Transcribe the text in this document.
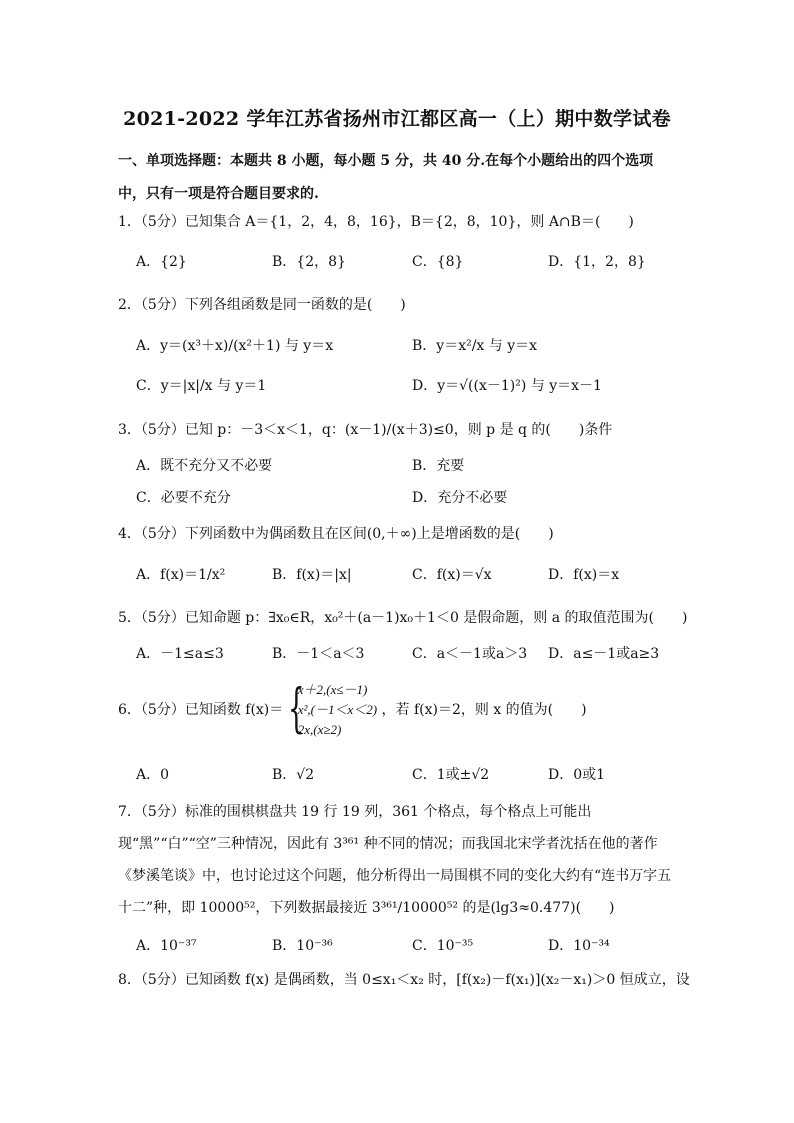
2021-2022 学年江苏省扬州市江都区高一（上）期中数学试卷
一、单项选择题：本题共 8 小题，每小题 5 分，共 40 分.在每个小题给出的四个选项中，只有一项是符合题目要求的.
1．（5分）已知集合 A＝{1，2，4，8，16}，B＝{2，8，10}，则 A∩B＝(　　)
A．{2}	B．{2，8}	C．{8}	D．{1，2，8}
2．（5分）下列各组函数是同一函数的是(　　)
A．y＝(x³＋x)/(x²＋1) 与 y＝x	B．y＝x²/x 与 y＝x
C．y＝|x|/x 与 y＝1	D．y＝√((x－1)²) 与 y＝x－1
3．（5分）已知 p：－3＜x＜1，q：(x－1)/(x＋3)≤0，则 p 是 q 的(　　)条件
A．既不充分又不必要	B．充要
C．必要不充分	D．充分不必要
4．（5分）下列函数中为偶函数且在区间(0,＋∞)上是增函数的是(　　)
A．f(x)＝1/x²	B．f(x)＝|x|	C．f(x)＝√x	D．f(x)＝x
5．（5分）已知命题 p：∃x₀∈R，x₀²＋(a－1)x₀＋1＜0 是假命题，则 a 的取值范围为(　　)
A．－1≤a≤3	B．－1＜a＜3	C．a＜－1或a＞3 D．a≤－1或a≥3
6．（5分）已知函数 f(x)＝ {
x＋2,(x≤－1)
x²,(－1＜x＜2)
2x,(x≥2)
，若 f(x)＝2，则 x 的值为(　　)
A．0	B．√2	C．1或±√2	D．0或1
7．（5分）标准的围棋棋盘共 19 行 19 列，361 个格点，每个格点上可能出现“黑”“白”“空”三种情况，因此有 3³⁶¹ 种不同的情况；而我国北宋学者沈括在他的著作《梦溪笔谈》中，也讨论过这个问题，他分析得出一局围棋不同的变化大约有“连书万字五十二”种，即 10000⁵²，下列数据最接近 3³⁶¹/10000⁵² 的是(lg3≈0.477)(　　)
A．10⁻³⁷	B．10⁻³⁶	C．10⁻³⁵	D．10⁻³⁴
8．（5分）已知函数 f(x) 是偶函数，当 0≤x₁＜x₂ 时，[f(x₂)－f(x₁)](x₂－x₁)＞0 恒成立，设
